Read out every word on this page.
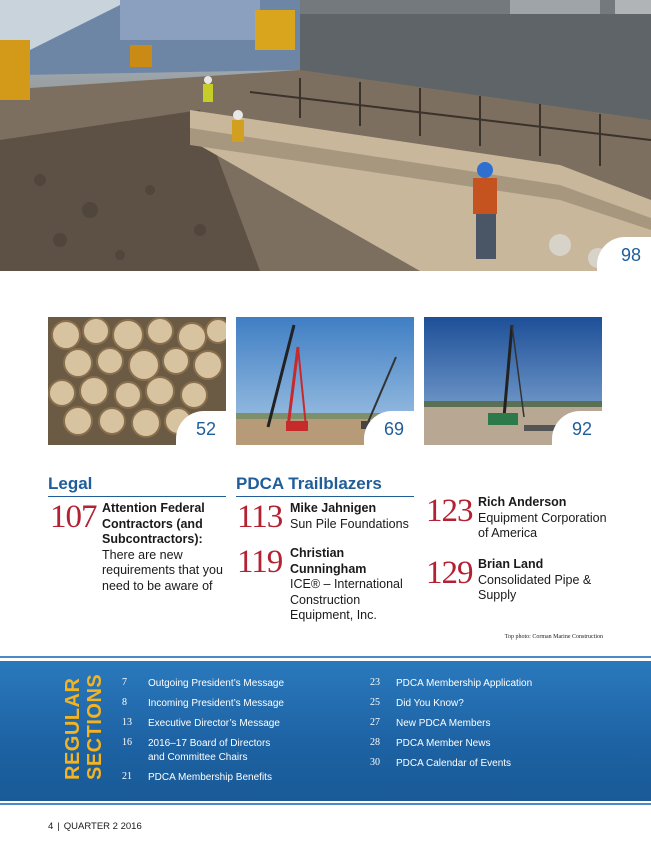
98
52	69	92
Legal
107 Attention Federal Contractors (and Subcontractors):
There are new requirements that you need to be aware of
PDCA Trailblazers
113 Mike Jahnigen
Sun Pile Foundations
119 Christian Cunningham
ICE® – International Construction Equipment, Inc.
123 Rich Anderson
Equipment Corporation of America
129 Brian Land
Consolidated Pipe & Supply
Top photo: Corman Marine Construction
REGULAR SECTIONS 7 Outgoing President’s Message
8 Incoming President’s Message
13 Executive Director’s Message
16 2016–17 Board of Directors
and Committee Chairs
21 PDCA Membership Benefits
23 PDCA Membership Application
25 Did You Know?
27 New PDCA Members
28 PDCA Member News
30 PDCA Calendar of Events
4 | QUARTER 2 2016
